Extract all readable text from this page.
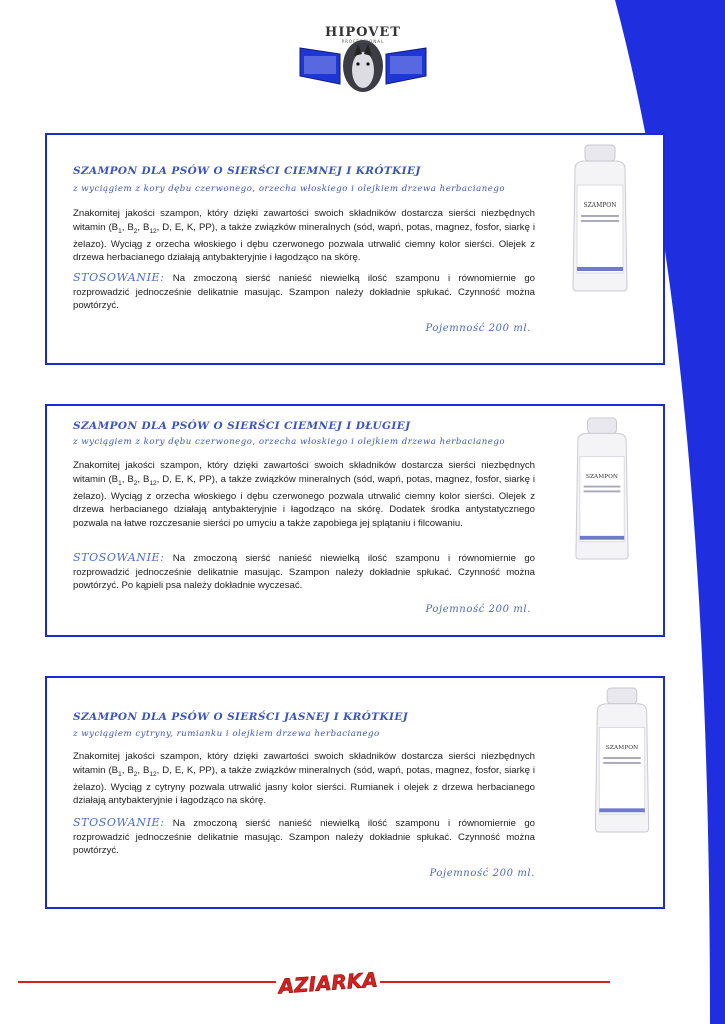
HIPOVET
PROFESSIONAL
SZAMPON DLA PSÓW O SIERŚCI CIEMNEJ I KRÓTKIEJ
z wyciągiem z kory dębu czerwonego, orzecha włoskiego i olejkiem drzewa herbacianego
Znakomitej jakości szampon, który dzięki zawartości swoich składników dostarcza sierści niezbędnych witamin ($B_1$, $B_2$, $B_{12}$, D, E, K, PP), a także związków mineralnych (sód, wapń, potas, magnez, fosfor, siarkę i żelazo). Wyciąg z orzecha włoskiego i dębu czerwonego pozwala utrwalić ciemny kolor sierści. Olejek z drzewa herbacianego działają antybakteryjnie i łagodząco na skórę.
STOSOWANIE: Na zmoczoną sierść nanieść niewielką ilość szamponu i równomiernie go rozprowadzić jednocześnie delikatnie masując. Szampon należy dokładnie spłukać. Czynność można powtórzyć.
Pojemność 200 ml.
SZAMPON
SZAMPON DLA PSÓW O SIERŚCI CIEMNEJ I DŁUGIEJ
z wyciągiem z kory dębu czerwonego, orzecha włoskiego i olejkiem drzewa herbacianego
Znakomitej jakości szampon, który dzięki zawartości swoich składników dostarcza sierści niezbędnych witamin ($B_1$, $B_2$, $B_{12}$, D, E, K, PP), a także związków mineralnych (sód, wapń, potas, magnez, fosfor, siarkę i żelazo). Wyciąg z orzecha włoskiego i dębu czerwonego pozwala utrwalić ciemny kolor sierści. Olejek z drzewa herbacianego działają antybakteryjnie i łagodząco na skórę. Dodatek środka antystatycznego pozwala na łatwe rozczesanie sierści po umyciu a także zapobiega jej splątaniu i filcowaniu.
STOSOWANIE: Na zmoczoną sierść nanieść niewielką ilość szamponu i równomiernie go rozprowadzić jednocześnie delikatnie masując. Szampon należy dokładnie spłukać. Czynność można powtórzyć. Po kąpieli psa należy dokładnie wyczesać.
Pojemność 200 ml.
SZAMPON
SZAMPON DLA PSÓW O SIERŚCI JASNEJ I KRÓTKIEJ
z wyciągiem cytryny, rumianku i olejkiem drzewa herbacianego
Znakomitej jakości szampon, który dzięki zawartości swoich składników dostarcza sierści niezbędnych witamin ($B_1$, $B_2$, $B_{12}$, D, E, K, PP), a także związków mineralnych (sód, wapń, potas, magnez, fosfor, siarkę i żelazo). Wyciąg z cytryny pozwala utrwalić jasny kolor sierści. Rumianek i olejek z drzewa herbacianego działają antybakteryjnie i łagodząco na skórę.
STOSOWANIE: Na zmoczoną sierść nanieść niewielką ilość szamponu i równomiernie go rozprowadzić jednocześnie delikatnie masując. Szampon należy dokładnie spłukać. Czynność można powtórzyć.
Pojemność 200 ml.
SZAMPON
AZIARKA
